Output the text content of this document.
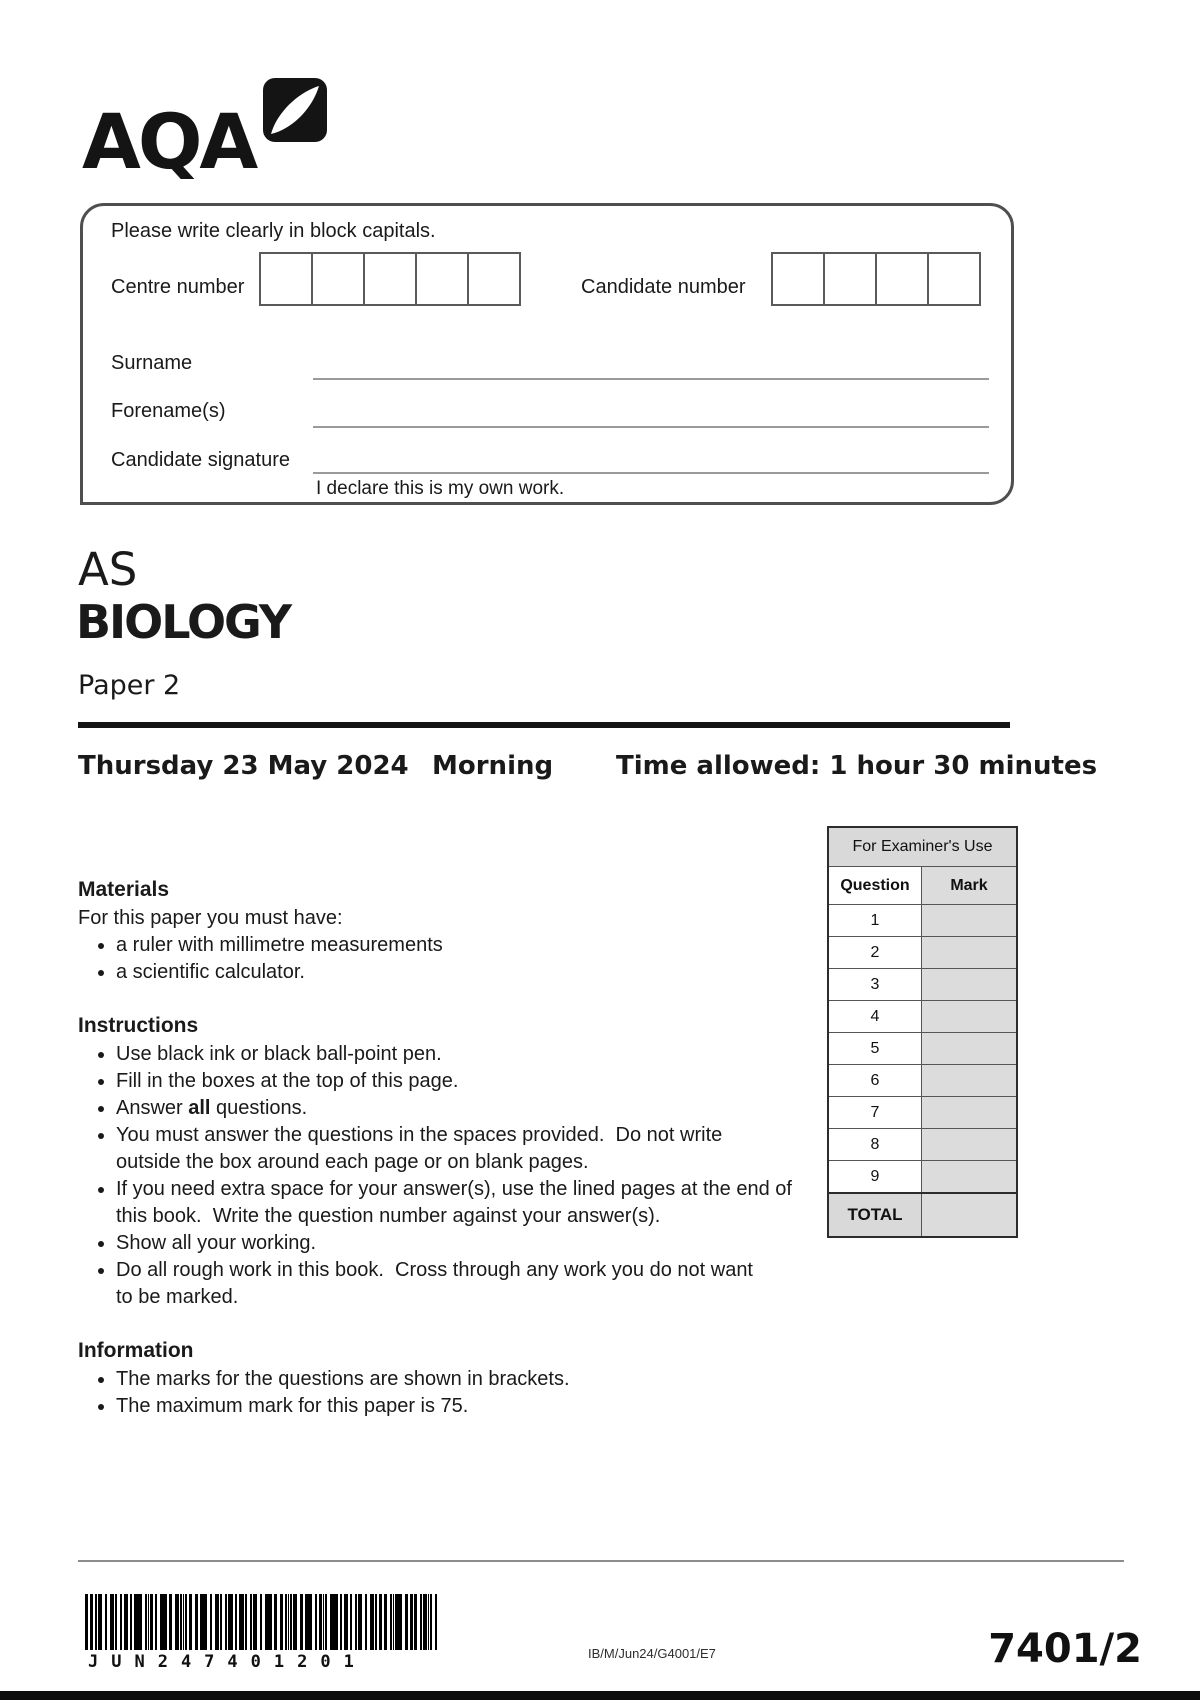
AQA
Please write clearly in block capitals.
Centre number	Candidate number
Surname
Forename(s)
Candidate signature
I declare this is my own work.
AS
BIOLOGY
Paper 2
Thursday 23 May 2024 Morning Time allowed: 1 hour 30 minutes
Materials

For this paper you must have:

• a ruler with millimetre measurements
• a scientific calculator.
Instructions
• Use black ink or black ball-point pen.
• Fill in the boxes at the top of this page.
• Answer all questions.
• You must answer the questions in the spaces provided.  Do not write
outside the box around each page or on blank pages.
• If you need extra space for your answer(s), use the lined pages at the end of
this book.  Write the question number against your answer(s).
• Show all your working.
• Do all rough work in this book.  Cross through any work you do not want
to be marked.
Information
• The marks for the questions are shown in brackets.
• The maximum mark for this paper is 75.
For Examiner's Use	
Question	Mark
1	
2	
3	
4	
5	
6	
7	
8	
9	
TOTAL	
JUN247401201	IB/M/Jun24/G4001/E7	7401/2
